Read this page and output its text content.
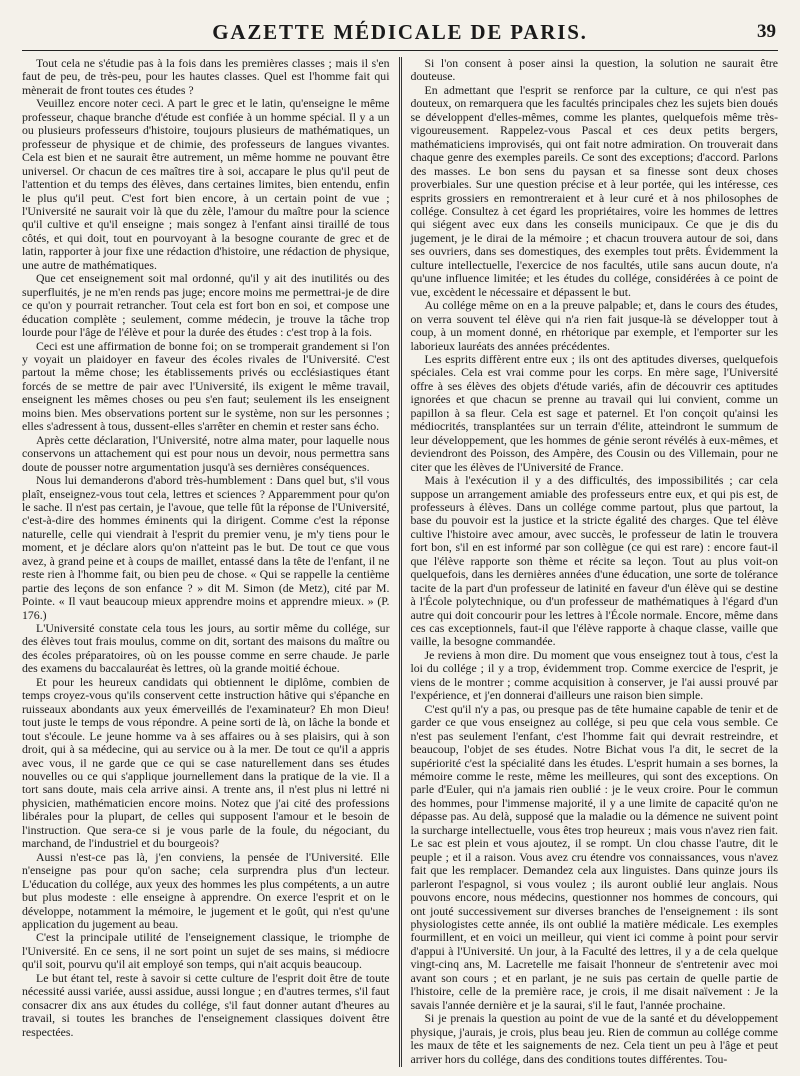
GAZETTE MÉDICALE DE PARIS.	39

Tout cela ne s'étudie pas à la fois dans les premières classes ; mais il s'en faut de peu, de très-peu, pour les hautes classes. Quel est l'homme fait qui mènerait de front toutes ces études ?

Veuillez encore noter ceci. A part le grec et le latin, qu'enseigne le même professeur, chaque branche d'étude est confiée à un homme spécial. Il y a un ou plusieurs professeurs d'histoire, toujours plusieurs de mathématiques, un professeur de physique et de chimie, des professeurs de langues vivantes. Cela est bien et ne saurait être autrement, un même homme ne pouvant être universel. Or chacun de ces maîtres tire à soi, accapare le plus qu'il peut de l'attention et du temps des élèves, dans certaines limites, bien entendu, enfin le plus qu'il peut. C'est fort bien encore, à un certain point de vue ; l'Université ne saurait voir là que du zèle, l'amour du maître pour la science qu'il cultive et qu'il enseigne ; mais songez à l'enfant ainsi tiraillé de tous côtés, et qui doit, tout en pourvoyant à la besogne courante de grec et de latin, rapporter à jour fixe une rédaction d'histoire, une rédaction de physique, une autre de mathématiques.

Que cet enseignement soit mal ordonné, qu'il y ait des inutilités ou des superfluités, je ne m'en rends pas juge; encore moins me permettrai-je de dire ce qu'on y pourrait retrancher. Tout cela est fort bon en soi, et compose une éducation complète ; seulement, comme médecin, je trouve la tâche trop lourde pour l'âge de l'élève et pour la durée des études : c'est trop à la fois.

Ceci est une affirmation de bonne foi; on se tromperait grandement si l'on y voyait un plaidoyer en faveur des écoles rivales de l'Université. C'est partout la même chose; les établissements privés ou ecclésiastiques étant forcés de se mettre de pair avec l'Université, ils exigent le même travail, enseignent les mêmes choses ou peu s'en faut; seulement ils les enseignent moins bien. Mes observations portent sur le système, non sur les personnes ; elles s'adressent à tous, dussent-elles s'arrêter en chemin et rester sans écho.

Après cette déclaration, l'Université, notre alma mater, pour laquelle nous conservons un attachement qui est pour nous un devoir, nous permettra sans doute de pousser notre argumentation jusqu'à ses dernières conséquences.

Nous lui demanderons d'abord très-humblement : Dans quel but, s'il vous plaît, enseignez-vous tout cela, lettres et sciences ? Apparemment pour qu'on le sache. Il n'est pas certain, je l'avoue, que telle fût la réponse de l'Université, c'est-à-dire des hommes éminents qui la dirigent. Comme c'est la réponse naturelle, celle qui viendrait à l'esprit du premier venu, je m'y tiens pour le moment, et je déclare alors qu'on n'atteint pas le but. De tout ce que vous avez, à grand peine et à coups de maillet, entassé dans la tête de l'enfant, il ne reste rien à l'homme fait, ou bien peu de chose. « Qui se rappelle la centième partie des leçons de son enfance ? » dit M. Simon (de Metz), cité par M. Pointe. « Il vaut beaucoup mieux apprendre moins et apprendre mieux. » (P. 176.)

L'Université constate cela tous les jours, au sortir même du collége, sur des élèves tout frais moulus, comme on dit, sortant des maisons du maître ou des écoles préparatoires, où on les pousse comme en serre chaude. Je parle des examens du baccalauréat ès lettres, où la grande moitié échoue.

Et pour les heureux candidats qui obtiennent le diplôme, combien de temps croyez-vous qu'ils conservent cette instruction hâtive qui s'épanche en ruisseaux abondants aux yeux émerveillés de l'examinateur? Eh mon Dieu! tout juste le temps de vous répondre. A peine sorti de là, on lâche la bonde et tout s'écoule. Le jeune homme va à ses affaires ou à ses plaisirs, qui à son droit, qui à sa médecine, qui au service ou à la mer. De tout ce qu'il a appris avec vous, il ne garde que ce qui se case naturellement dans ses études nouvelles ou ce qui s'applique journellement dans la pratique de la vie. Il a tort sans doute, mais cela arrive ainsi. A trente ans, il n'est plus ni lettré ni physicien, mathématicien encore moins. Notez que j'ai cité des professions libérales pour la plupart, de celles qui supposent l'amour et le besoin de l'instruction. Que sera-ce si je vous parle de la foule, du négociant, du marchand, de l'industriel et du bourgeois?

Aussi n'est-ce pas là, j'en conviens, la pensée de l'Université. Elle n'enseigne pas pour qu'on sache; cela surprendra plus d'un lecteur. L'éducation du collége, aux yeux des hommes les plus compétents, a un autre but plus modeste : elle enseigne à apprendre. On exerce l'esprit et on le développe, notamment la mémoire, le jugement et le goût, qui n'est qu'une application du jugement au beau.

C'est la principale utilité de l'enseignement classique, le triomphe de l'Université. En ce sens, il ne sort point un sujet de ses mains, si médiocre qu'il soit, pourvu qu'il ait employé son temps, qui n'ait acquis beaucoup.

Le but étant tel, reste à savoir si cette culture de l'esprit doit être de toute nécessité aussi variée, aussi assidue, aussi longue ; en d'autres termes, s'il faut consacrer dix ans aux études du collége, s'il faut donner autant d'heures au travail, si toutes les branches de l'enseignement classiques doivent être respectées.

Si l'on consent à poser ainsi la question, la solution ne saurait être douteuse.

En admettant que l'esprit se renforce par la culture, ce qui n'est pas douteux, on remarquera que les facultés principales chez les sujets bien doués se développent d'elles-mêmes, comme les plantes, quelquefois même très-vigoureusement. Rappelez-vous Pascal et ces deux petits bergers, mathématiciens improvisés, qui ont fait notre admiration. On trouverait dans chaque genre des exemples pareils. Ce sont des exceptions; d'accord. Parlons des masses. Le bon sens du paysan et sa finesse sont deux choses proverbiales. Sur une question précise et à leur portée, qui les intéresse, ces esprits grossiers en remontreraient et à leur curé et à nos philosophes de collége. Consultez à cet égard les propriétaires, voire les hommes de lettres qui siégent avec eux dans les conseils municipaux. Ce que je dis du jugement, je le dirai de la mémoire ; et chacun trouvera autour de soi, dans ses ouvriers, dans ses domestiques, des exemples tout prêts. Évidemment la culture intellectuelle, l'exercice de nos facultés, utile sans aucun doute, n'a qu'une influence limitée; et les études du collége, considérées à ce point de vue, excèdent le nécessaire et dépassent le but.

Au collége même on en a la preuve palpable; et, dans le cours des études, on verra souvent tel élève qui n'a rien fait jusque-là se développer tout à coup, à un moment donné, en rhétorique par exemple, et l'emporter sur les laborieux lauréats des années précédentes.

Les esprits diffèrent entre eux ; ils ont des aptitudes diverses, quelquefois spéciales. Cela est vrai comme pour les corps. En mère sage, l'Université offre à ses élèves des objets d'étude variés, afin de découvrir ces aptitudes ignorées et que chacun se prenne au travail qui lui convient, comme un papillon à sa fleur. Cela est sage et paternel. Et l'on conçoit qu'ainsi les médiocrités, transplantées sur un terrain d'élite, atteindront le summum de leur développement, que les hommes de génie seront révélés à eux-mêmes, et deviendront des Poisson, des Ampère, des Cousin ou des Villemain, pour ne citer que les élèves de l'Université de France.

Mais à l'exécution il y a des difficultés, des impossibilités ; car cela suppose un arrangement amiable des professeurs entre eux, et qui pis est, de professeurs à élèves. Dans un collége comme partout, plus que partout, la base du pouvoir est la justice et la stricte égalité des charges. Que tel élève cultive l'histoire avec amour, avec succès, le professeur de latin le trouvera fort bon, s'il en est informé par son collègue (ce qui est rare) : encore faut-il que l'élève rapporte son thème et récite sa leçon. Tout au plus voit-on quelquefois, dans les dernières années d'une éducation, une sorte de tolérance tacite de la part d'un professeur de latinité en faveur d'un élève qui se destine à l'École polytechnique, ou d'un professeur de mathématiques à l'égard d'un autre qui doit concourir pour les lettres à l'École normale. Encore, même dans ces cas exceptionnels, faut-il que l'élève rapporte à chaque classe, vaille que vaille, la besogne commandée.

Je reviens à mon dire. Du moment que vous enseignez tout à tous, c'est la loi du collége ; il y a trop, évidemment trop. Comme exercice de l'esprit, je viens de le montrer ; comme acquisition à conserver, je l'ai aussi prouvé par l'expérience, et j'en donnerai d'ailleurs une raison bien simple.

C'est qu'il n'y a pas, ou presque pas de tête humaine capable de tenir et de garder ce que vous enseignez au collége, si peu que cela vous semble. Ce n'est pas seulement l'enfant, c'est l'homme fait qui devrait restreindre, et beaucoup, l'objet de ses études. Notre Bichat vous l'a dit, le secret de la supériorité c'est la spécialité dans les études. L'esprit humain a ses bornes, la mémoire comme le reste, même les meilleures, qui sont des exceptions. On parle d'Euler, qui n'a jamais rien oublié : je le veux croire. Pour le commun des hommes, pour l'immense majorité, il y a une limite de capacité qu'on ne dépasse pas. Au delà, supposé que la maladie ou la démence ne suivent point la surcharge intellectuelle, vous êtes trop heureux ; mais vous n'avez rien fait. Le sac est plein et vous ajoutez, il se rompt. Un clou chasse l'autre, dit le peuple ; et il a raison. Vous avez cru étendre vos connaissances, vous n'avez fait que les remplacer. Demandez cela aux linguistes. Dans quinze jours ils parleront l'espagnol, si vous voulez ; ils auront oublié leur anglais. Nous pouvons encore, nous médecins, questionner nos hommes de concours, qui ont jouté successivement sur diverses branches de l'enseignement : ils sont physiologistes cette année, ils ont oublié la matière médicale. Les exemples fourmillent, et en voici un meilleur, qui vient ici comme à point pour servir d'appui à l'Université. Un jour, à la Faculté des lettres, il y a de cela quelque vingt-cinq ans, M. Lacretelle me faisait l'honneur de s'entretenir avec moi avant son cours ; et en parlant, je ne suis pas certain de quelle partie de l'histoire, celle de la première race, je crois, il me disait naïvement : Je la savais l'année dernière et je la saurai, s'il le faut, l'année prochaine.

Si je prenais la question au point de vue de la santé et du développement physique, j'aurais, je crois, plus beau jeu. Rien de commun au collége comme les maux de tête et les saignements de nez. Cela tient un peu à l'âge et peut arriver hors du collége, dans des conditions toutes différentes. Tou-
